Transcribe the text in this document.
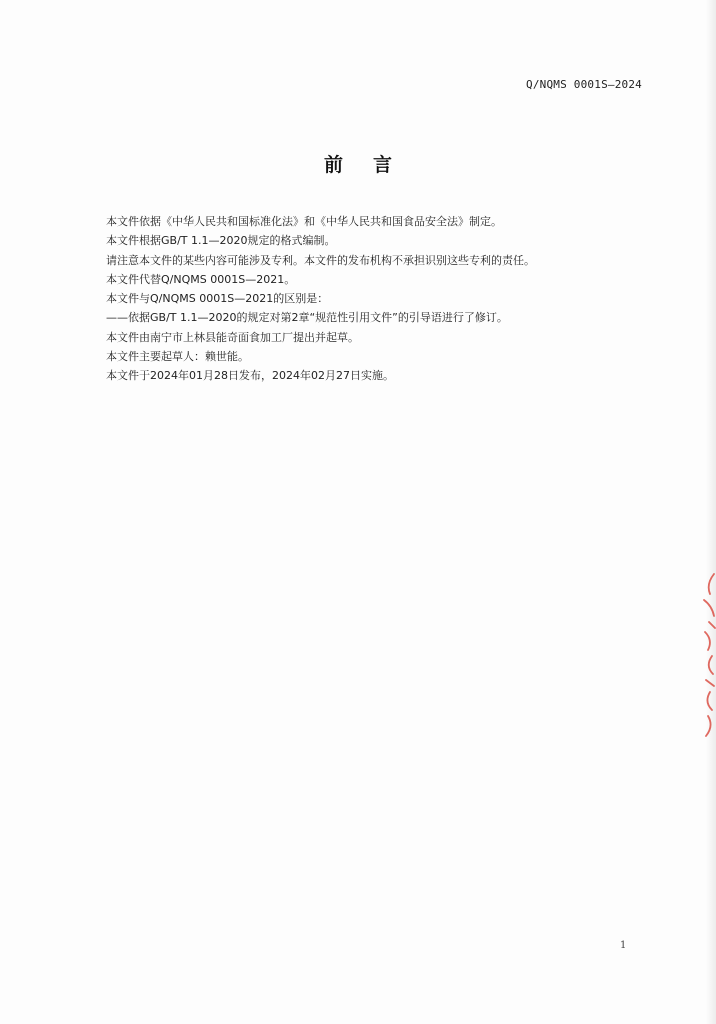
Q/NQMS 0001S—2024
前言
本文件依据《中华人民共和国标准化法》和《中华人民共和国食品安全法》制定。
本文件根据GB/T 1.1—2020规定的格式编制。
请注意本文件的某些内容可能涉及专利。本文件的发布机构不承担识别这些专利的责任。
本文件代替Q/NQMS 0001S—2021。
本文件与Q/NQMS 0001S—2021的区别是：
——依据GB/T 1.1—2020的规定对第2章“规范性引用文件”的引导语进行了修订。
本文件由南宁市上林县能奇面食加工厂提出并起草。
本文件主要起草人：赖世能。
本文件于2024年01月28日发布，2024年02月27日实施。
1
